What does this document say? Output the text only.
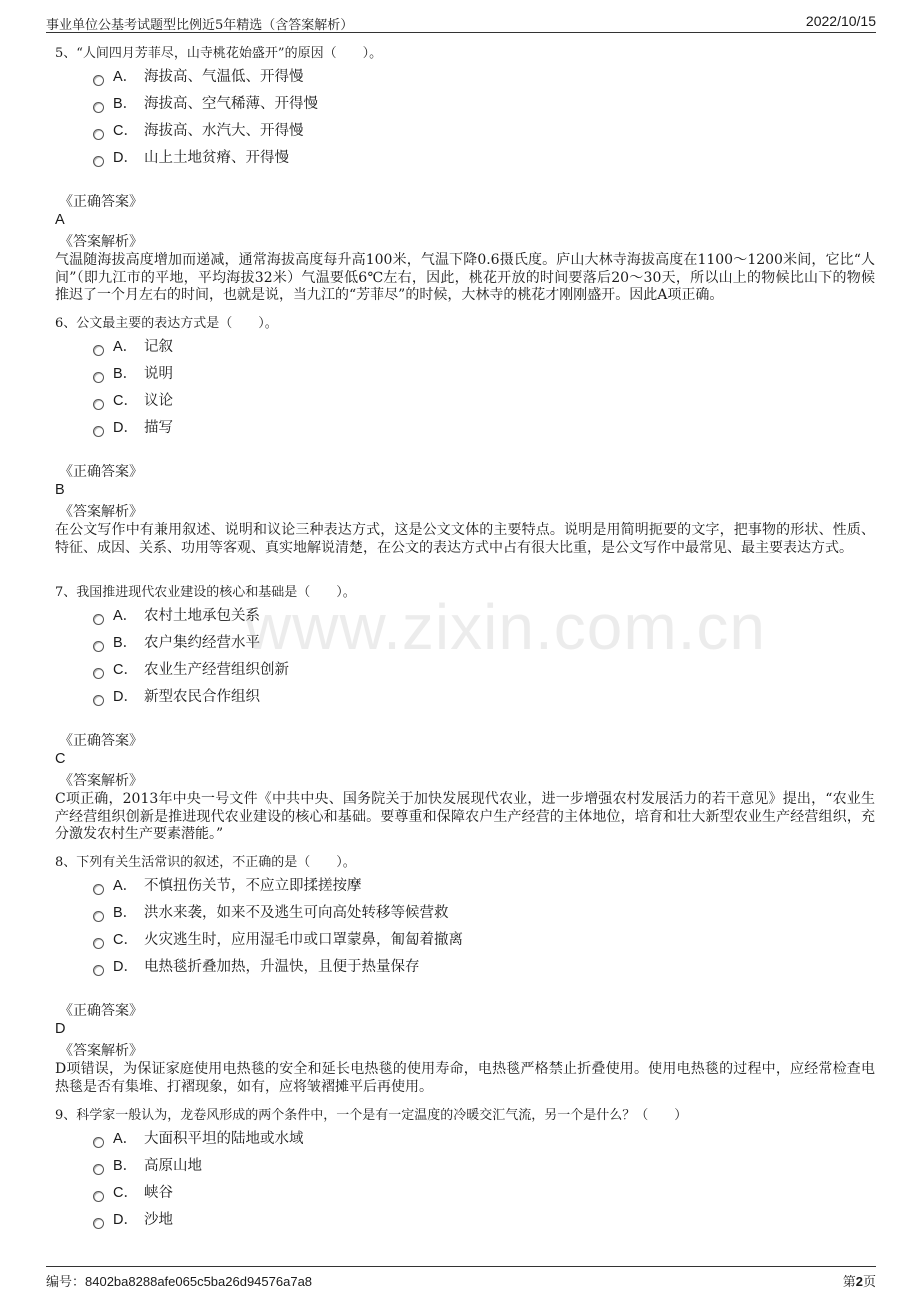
事业单位公基考试题型比例近5年精选（含答案解析）	2022/10/15
www.zixin.com.cn
5、“人间四月芳菲尽，山寺桃花始盛开”的原因（　　）。
A． 海拔高、气温低、开得慢
B． 海拔高、空气稀薄、开得慢
C． 海拔高、水汽大、开得慢
D． 山上土地贫瘠、开得慢
《正确答案》
A
《答案解析》
气温随海拔高度增加而递减，通常海拔高度每升高100米，气温下降0.6摄氏度。庐山大林寺海拔高度在1100～1200米间，它比“人间”（即九江市的平地，平均海拔32米）气温要低6℃左右，因此，桃花开放的时间要落后20～30天，所以山上的物候比山下的物候推迟了一个月左右的时间，也就是说，当九江的“芳菲尽”的时候，大林寺的桃花才刚刚盛开。因此A项正确。
6、公文最主要的表达方式是（　　）。
A． 记叙
B． 说明
C． 议论
D． 描写
《正确答案》
B
《答案解析》
在公文写作中有兼用叙述、说明和议论三种表达方式，这是公文文体的主要特点。说明是用简明扼要的文字，把事物的形状、性质、特征、成因、关系、功用等客观、真实地解说清楚，在公文的表达方式中占有很大比重，是公文写作中最常见、最主要表达方式。
7、我国推进现代农业建设的核心和基础是（　　）。
A． 农村土地承包关系
B． 农户集约经营水平
C． 农业生产经营组织创新
D． 新型农民合作组织
《正确答案》
C
《答案解析》
C项正确，2013年中央一号文件《中共中央、国务院关于加快发展现代农业，进一步增强农村发展活力的若干意见》提出，“农业生产经营组织创新是推进现代农业建设的核心和基础。要尊重和保障农户生产经营的主体地位，培育和壮大新型农业生产经营组织，充分激发农村生产要素潜能。”
8、下列有关生活常识的叙述，不正确的是（　　）。
A． 不慎扭伤关节，不应立即揉搓按摩
B． 洪水来袭，如来不及逃生可向高处转移等候营救
C． 火灾逃生时，应用湿毛巾或口罩蒙鼻，匍匐着撤离
D． 电热毯折叠加热，升温快，且便于热量保存
《正确答案》
D
《答案解析》
D项错误，为保证家庭使用电热毯的安全和延长电热毯的使用寿命，电热毯严格禁止折叠使用。使用电热毯的过程中，应经常检查电热毯是否有集堆、打褶现象，如有，应将皱褶摊平后再使用。
9、科学家一般认为，龙卷风形成的两个条件中，一个是有一定温度的冷暖交汇气流，另一个是什么？（　　）
A． 大面积平坦的陆地或水域
B． 高原山地
C． 峡谷
D． 沙地
编号：8402ba8288afe065c5ba26d94576a7a8	第2页
